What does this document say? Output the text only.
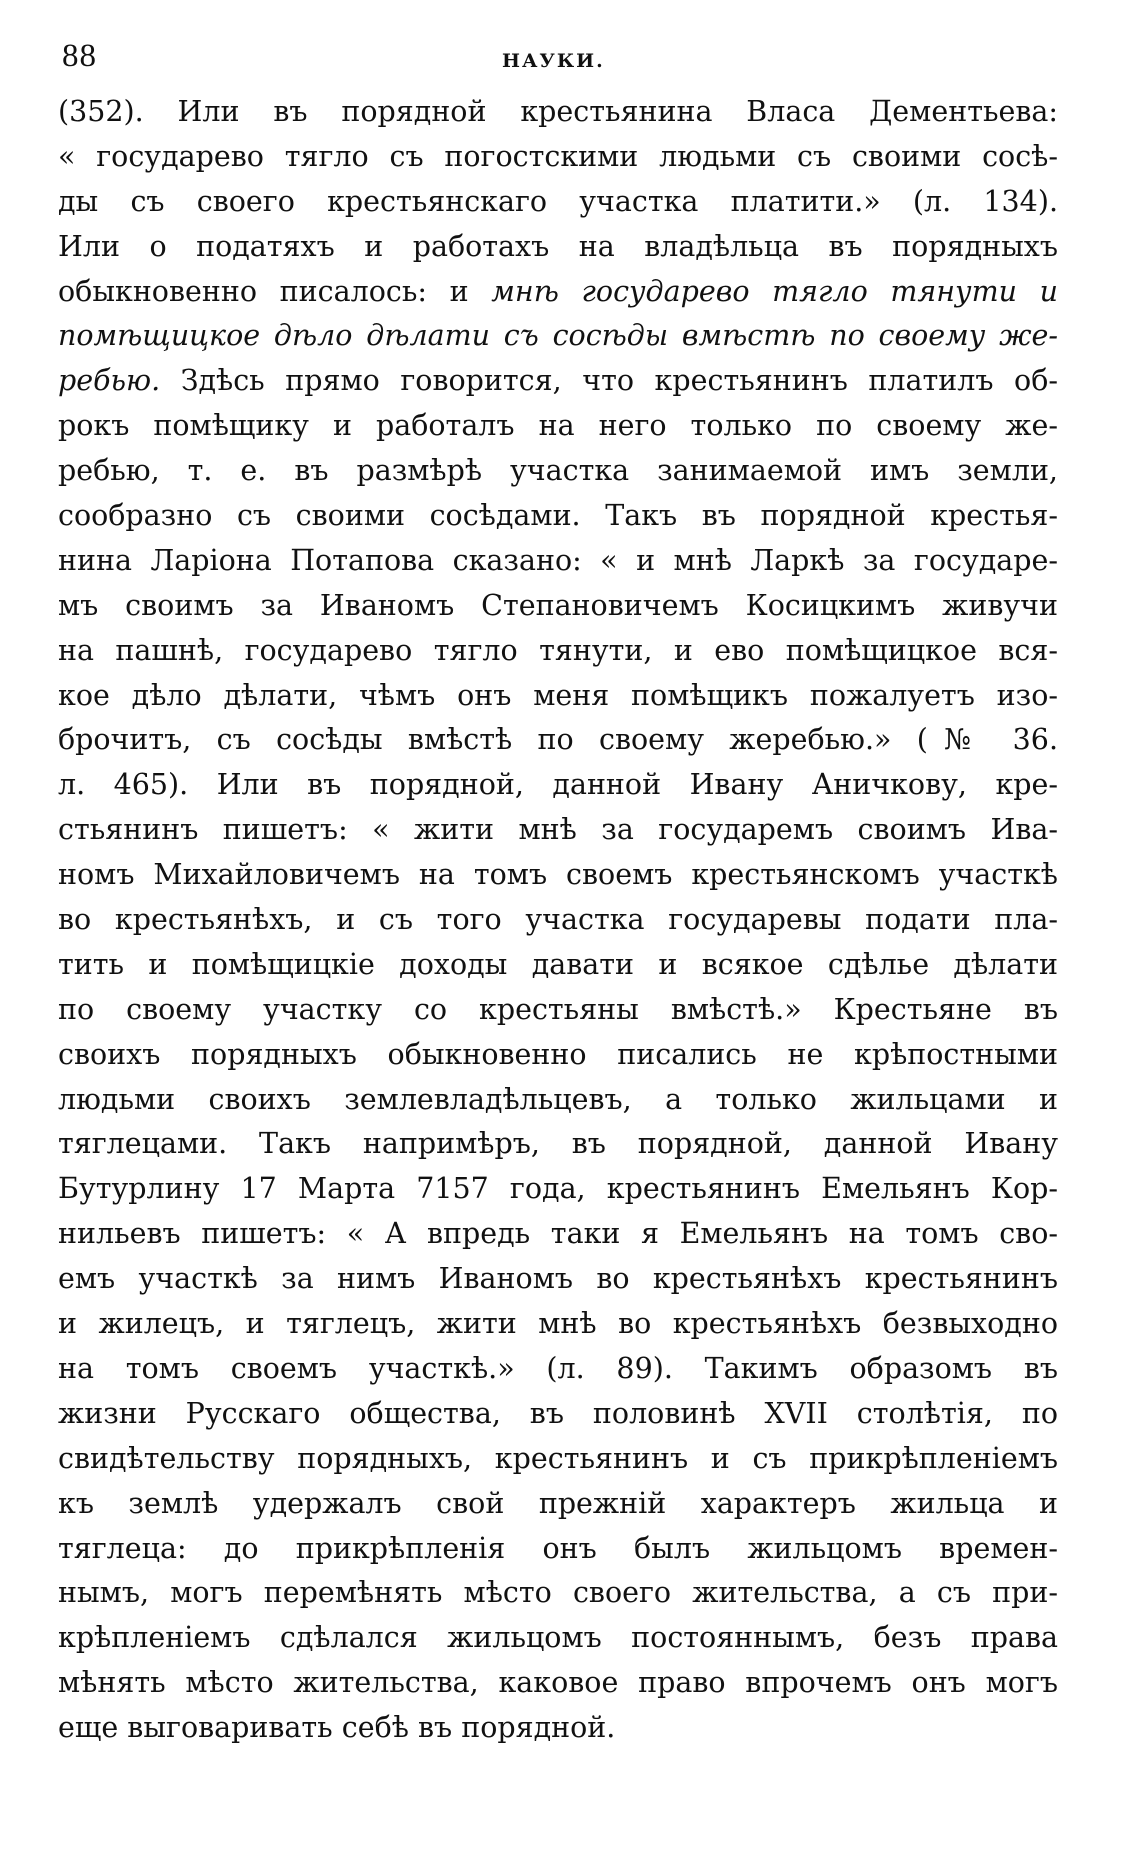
88	НАУКИ.
(352). Или въ порядной крестьянина Власа Дементьева:
« государево тягло съ погостскими людьми съ своими сосѣ-
ды съ своего крестьянскаго участка платити.» (л. 134).
Или о податяхъ и работахъ на владѣльца въ порядныхъ
обыкновенно писалось: и мнѣ государево тягло тянути и
помѣщицкое дѣло дѣлати съ сосѣды вмѣстѣ по своему же-
ребью. Здѣсь прямо говорится, что крестьянинъ платилъ об-
рокъ помѣщику и работалъ на него только по своему же-
ребью, т. е. въ размѣрѣ участка занимаемой имъ земли,
сообразно съ своими сосѣдами. Такъ въ порядной крестья-
нина Ларіона Потапова сказано: « и мнѣ Ларкѣ за государе-
мъ своимъ за Иваномъ Степановичемъ Косицкимъ живучи
на пашнѣ, государево тягло тянути, и ево помѣщицкое вся-
кое дѣло дѣлати, чѣмъ онъ меня помѣщикъ пожалуетъ изо-
брочитъ, съ сосѣды вмѣстѣ по своему жеребью.» (№ 36.
л. 465). Или въ порядной, данной Ивану Аничкову, кре-
стьянинъ пишетъ: « жити мнѣ за государемъ своимъ Ива-
номъ Михайловичемъ на томъ своемъ крестьянскомъ участкѣ
во крестьянѣхъ, и съ того участка государевы подати пла-
тить и помѣщицкіе доходы давати и всякое сдѣлье дѣлати
по своему участку со крестьяны вмѣстѣ.» Крестьяне въ
своихъ порядныхъ обыкновенно писались не крѣпостными
людьми своихъ землевладѣльцевъ, а только жильцами и
тяглецами. Такъ напримѣръ, въ порядной, данной Ивану
Бутурлину 17 Марта 7157 года, крестьянинъ Емельянъ Кор-
нильевъ пишетъ: « А впредь таки я Емельянъ на томъ сво-
емъ участкѣ за нимъ Иваномъ во крестьянѣхъ крестьянинъ
и жилецъ, и тяглецъ, жити мнѣ во крестьянѣхъ безвыходно
на томъ своемъ участкѣ.» (л. 89). Такимъ образомъ въ
жизни Русскаго общества, въ половинѣ XVII столѣтія, по
свидѣтельству порядныхъ, крестьянинъ и съ прикрѣпленіемъ
къ землѣ удержалъ свой прежній характеръ жильца и
тяглеца: до прикрѣпленія онъ былъ жильцомъ времен-
нымъ, могъ перемѣнять мѣсто своего жительства, а съ при-
крѣпленіемъ сдѣлался жильцомъ постояннымъ, безъ права
мѣнять мѣсто жительства, каковое право впрочемъ онъ могъ
еще выговаривать себѣ въ порядной.
